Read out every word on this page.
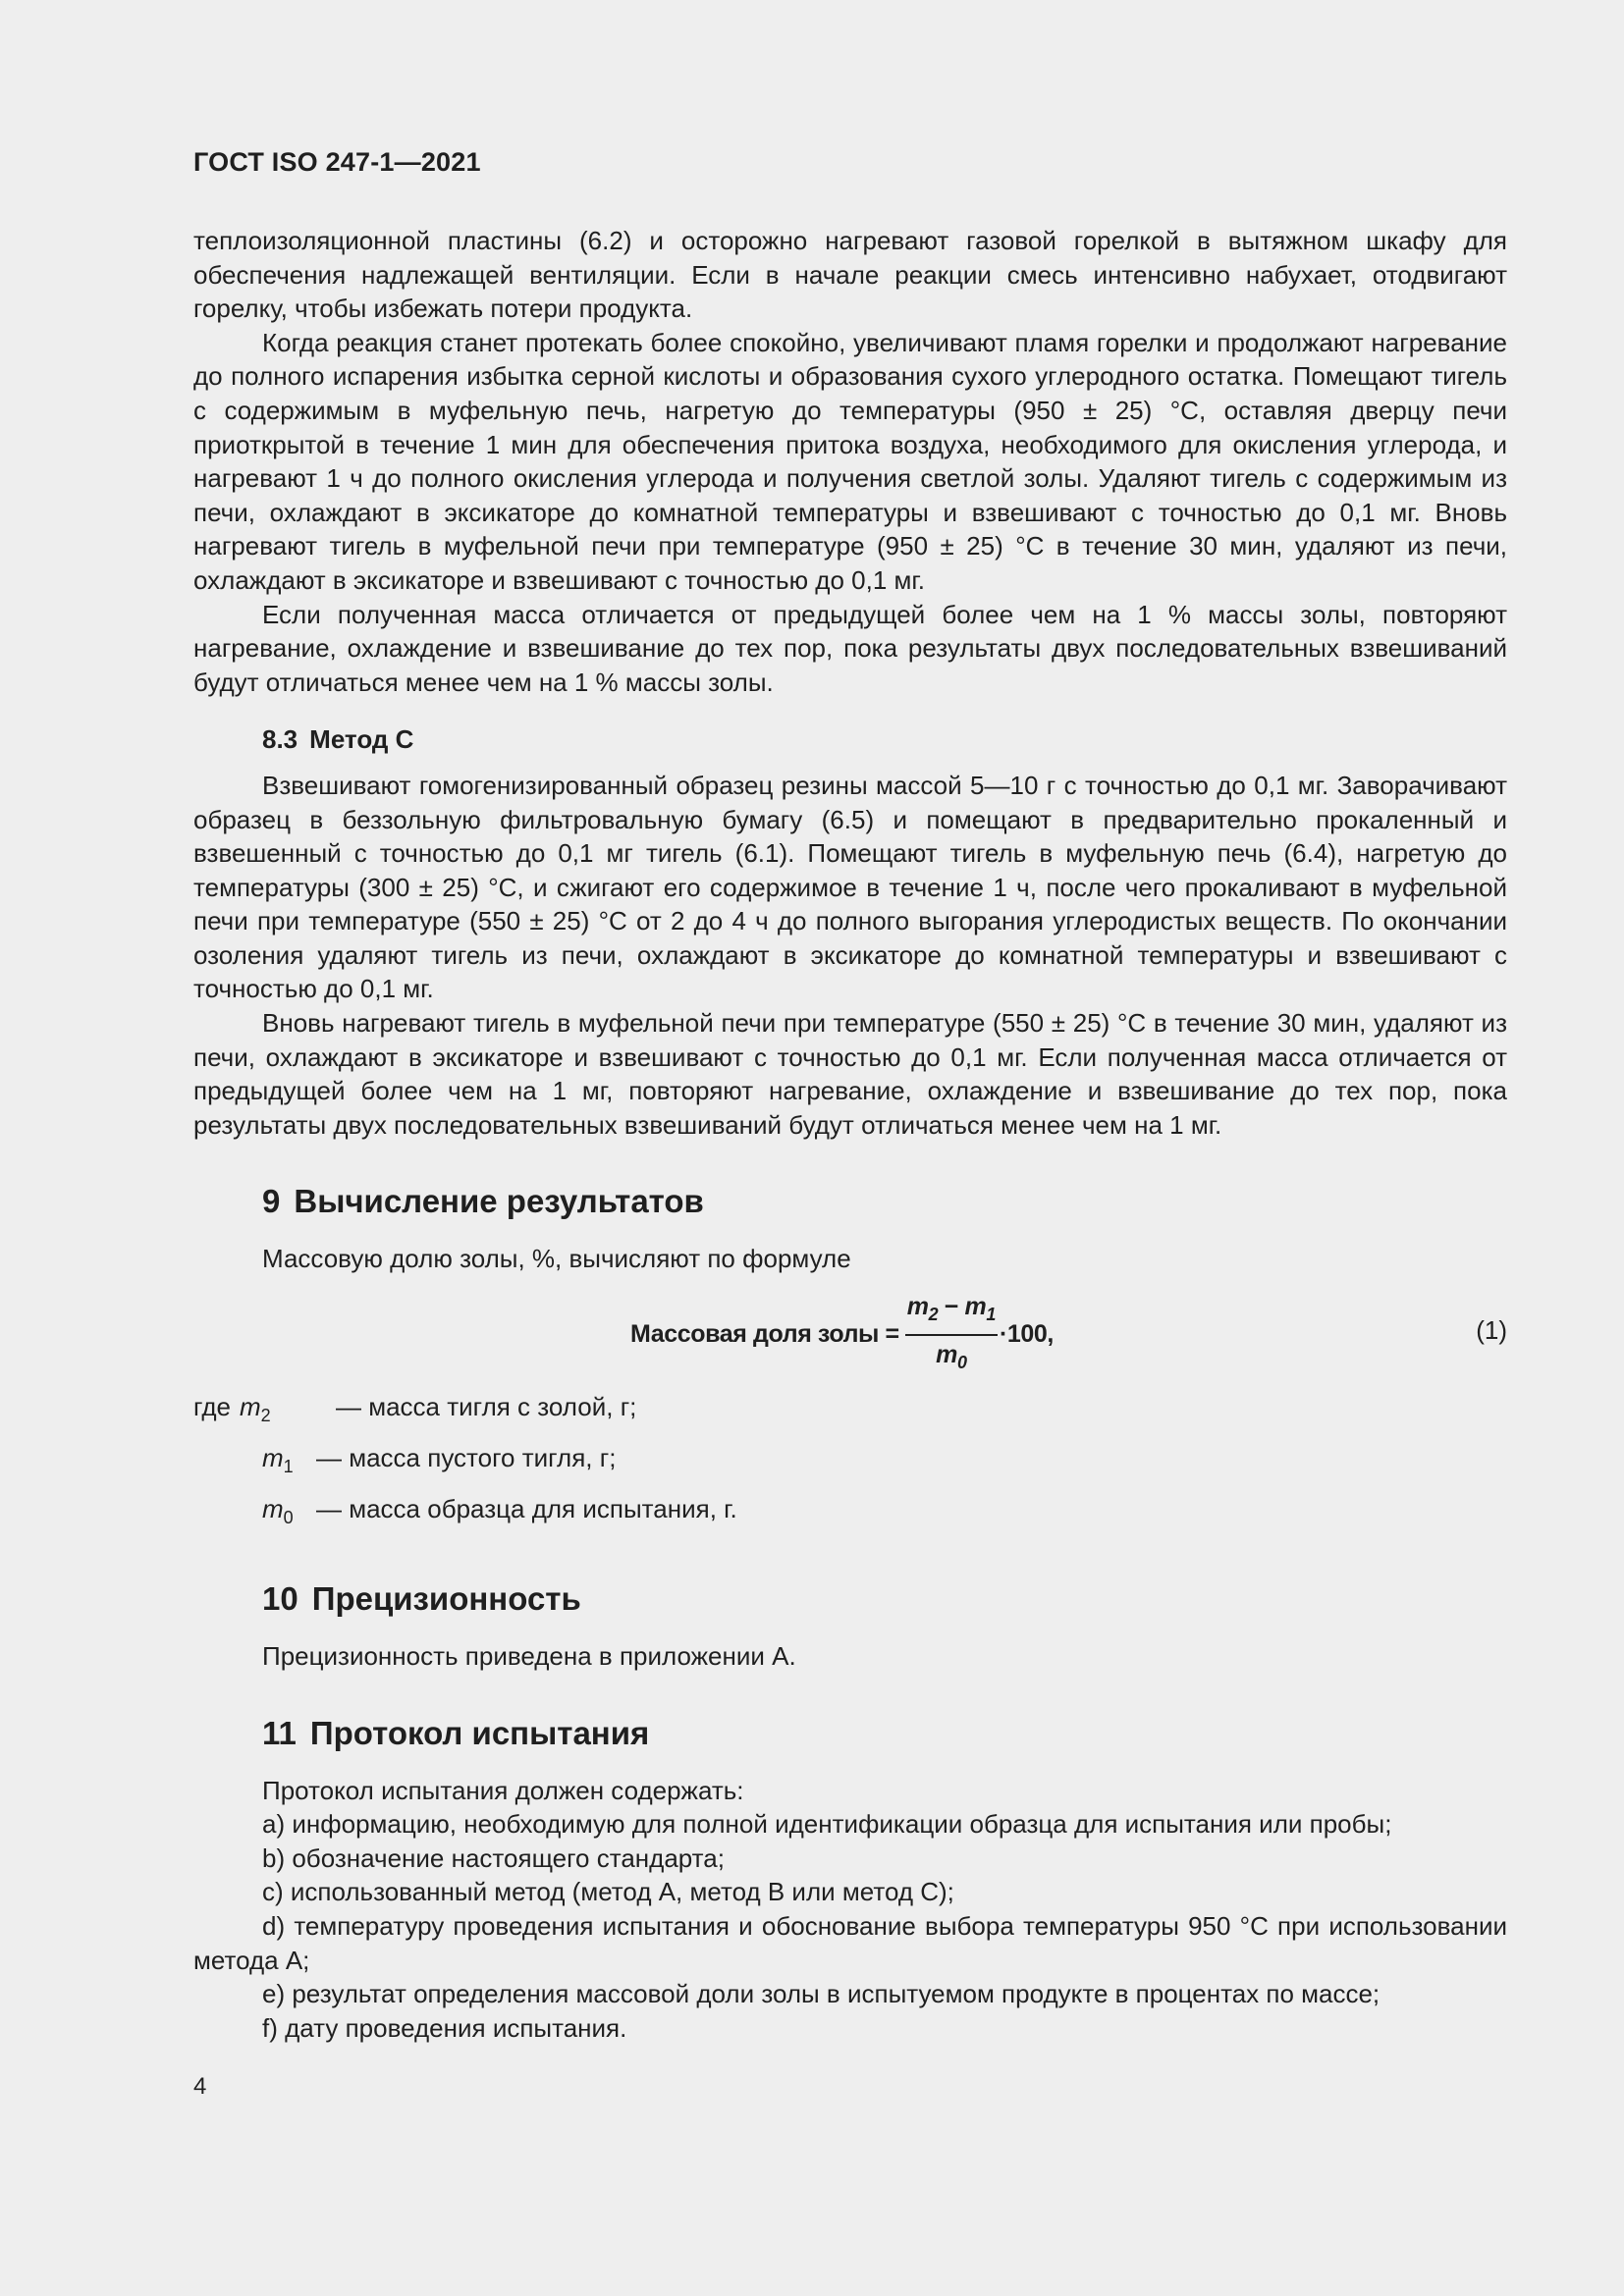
ГОСТ ISO 247-1—2021

теплоизоляционной пластины (6.2) и осторожно нагревают газовой горелкой в вытяжном шкафу для обеспечения надлежащей вентиляции. Если в начале реакции смесь интенсивно набухает, отодвигают горелку, чтобы избежать потери продукта.

Когда реакция станет протекать более спокойно, увеличивают пламя горелки и продолжают нагревание до полного испарения избытка серной кислоты и образования сухого углеродного остатка. Помещают тигель с содержимым в муфельную печь, нагретую до температуры (950 ± 25) °С, оставляя дверцу печи приоткрытой в течение 1 мин для обеспечения притока воздуха, необходимого для окисления углерода, и нагревают 1 ч до полного окисления углерода и получения светлой золы. Удаляют тигель с содержимым из печи, охлаждают в эксикаторе до комнатной температуры и взвешивают с точностью до 0,1 мг. Вновь нагревают тигель в муфельной печи при температуре (950 ± 25) °С в течение 30 мин, удаляют из печи, охлаждают в эксикаторе и взвешивают с точностью до 0,1 мг.

Если полученная масса отличается от предыдущей более чем на 1 % массы золы, повторяют нагревание, охлаждение и взвешивание до тех пор, пока результаты двух последовательных взвешиваний будут отличаться менее чем на 1 % массы золы.

8.3 Метод С

Взвешивают гомогенизированный образец резины массой 5—10 г с точностью до 0,1 мг. Заворачивают образец в беззольную фильтровальную бумагу (6.5) и помещают в предварительно прокаленный и взвешенный с точностью до 0,1 мг тигель (6.1). Помещают тигель в муфельную печь (6.4), нагретую до температуры (300 ± 25) °С, и сжигают его содержимое в течение 1 ч, после чего прокаливают в муфельной печи при температуре (550 ± 25) °С от 2 до 4 ч до полного выгорания углеродистых веществ. По окончании озоления удаляют тигель из печи, охлаждают в эксикаторе до комнатной температуры и взвешивают с точностью до 0,1 мг.

Вновь нагревают тигель в муфельной печи при температуре (550 ± 25) °С в течение 30 мин, удаляют из печи, охлаждают в эксикаторе и взвешивают с точностью до 0,1 мг. Если полученная масса отличается от предыдущей более чем на 1 мг, повторяют нагревание, охлаждение и взвешивание до тех пор, пока результаты двух последовательных взвешиваний будут отличаться менее чем на 1 мг.

9 Вычисление результатов

Массовую долю золы, %, вычисляют по формуле

Массовая доля золы = $\frac{m_2 - m_1}{m_0} \cdot 100$,	(1)
где $m_2$	— масса тигля с золой, г;
$m_1$ — масса пустого тигля, г;
$m_0$ — масса образца для испытания, г.
10 Прецизионность

Прецизионность приведена в приложении А.

11 Протокол испытания

Протокол испытания должен содержать:

а) информацию, необходимую для полной идентификации образца для испытания или пробы;

b) обозначение настоящего стандарта;

c) использованный метод (метод А, метод В или метод С);

d) температуру проведения испытания и обоснование выбора температуры 950 °С при использовании метода А;

е) результат определения массовой доли золы в испытуемом продукте в процентах по массе;

f) дату проведения испытания.

4
